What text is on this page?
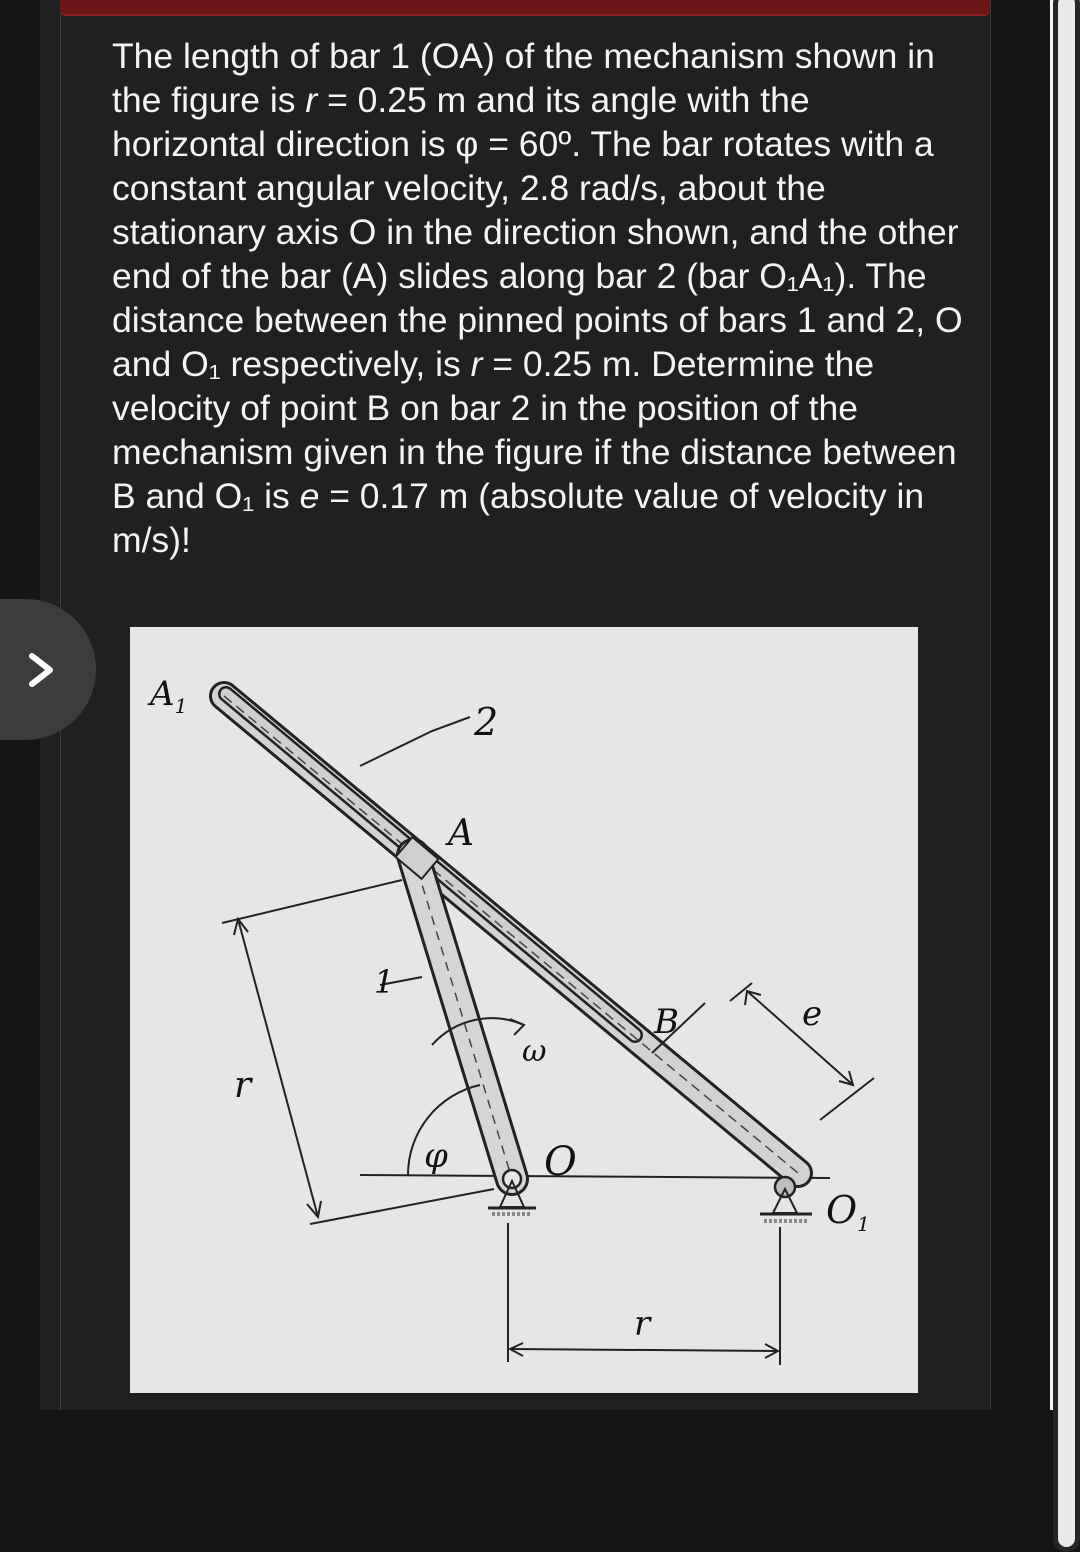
The length of bar 1 (OA) of the mechanism shown in the figure is r = 0.25 m and its angle with the horizontal direction is φ = 60º. The bar rotates with a constant angular velocity, 2.8 rad/s, about the stationary axis O in the direction shown, and the other end of the bar (A) slides along bar 2 (bar O₁A₁). The distance between the pinned points of bars 1 and 2, O and O₁ respectively, is r = 0.25 m. Determine the velocity of point B on bar 2 in the position of the mechanism given in the figure if the distance between B and O₁ is e = 0.17 m (absolute value of velocity in m/s)!

$A_1$	2
A
1
r
φ
ω
O
B	e
$O_1$
r
